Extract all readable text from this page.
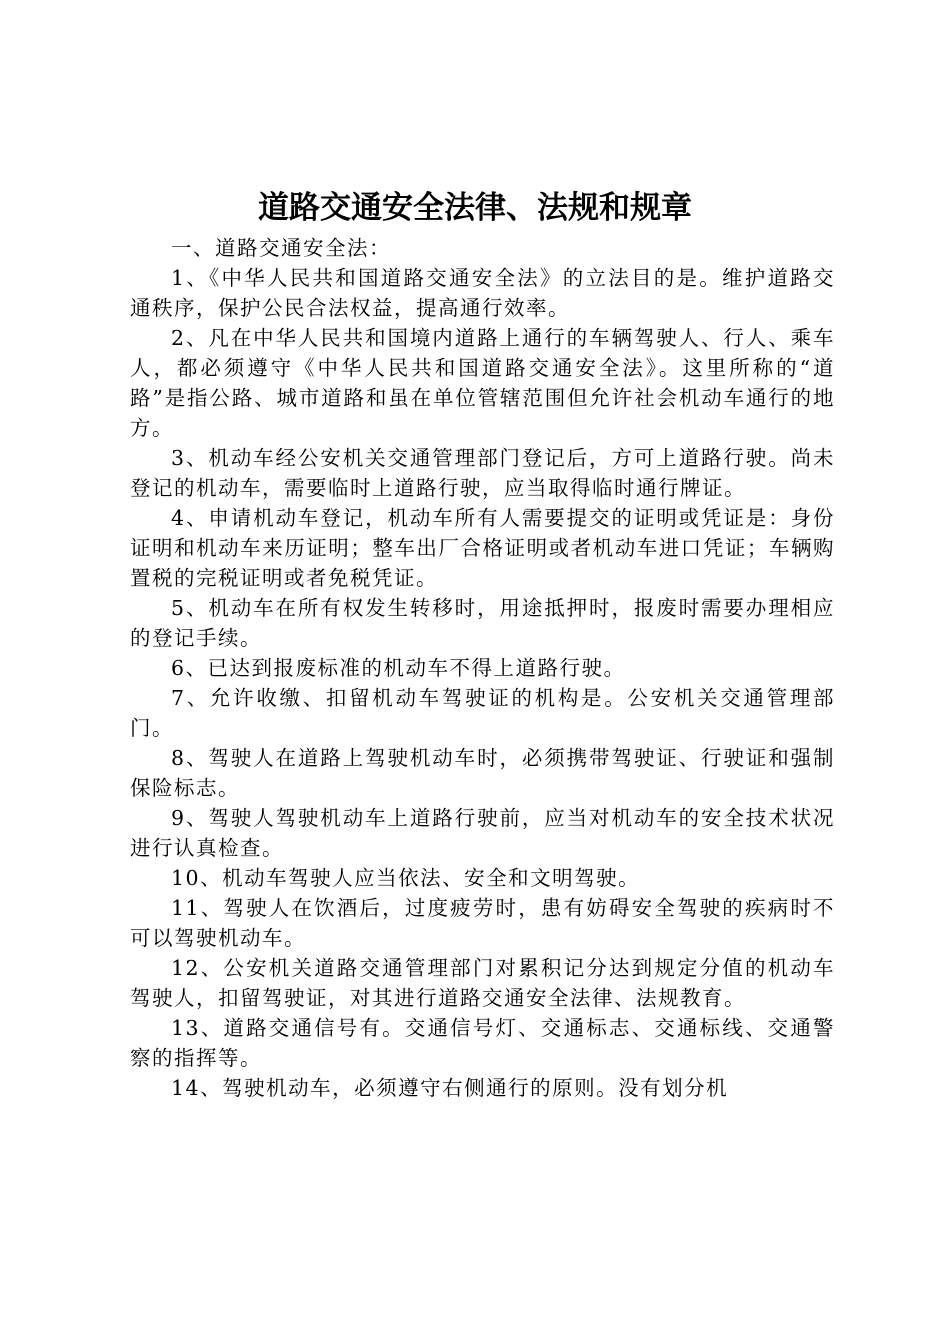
道路交通安全法律、法规和规章

一、道路交通安全法：

1、《中华人民共和国道路交通安全法》的立法目的是。维护道路交通秩序，保护公民合法权益，提高通行效率。

2、凡在中华人民共和国境内道路上通行的车辆驾驶人、行人、乘车人，都必须遵守《中华人民共和国道路交通安全法》。这里所称的“道路”是指公路、城市道路和虽在单位管辖范围但允许社会机动车通行的地方。

3、机动车经公安机关交通管理部门登记后，方可上道路行驶。尚未登记的机动车，需要临时上道路行驶，应当取得临时通行牌证。

4、申请机动车登记，机动车所有人需要提交的证明或凭证是：身份证明和机动车来历证明；整车出厂合格证明或者机动车进口凭证；车辆购置税的完税证明或者免税凭证。

5、机动车在所有权发生转移时，用途抵押时，报废时需要办理相应的登记手续。

6、已达到报废标准的机动车不得上道路行驶。

7、允许收缴、扣留机动车驾驶证的机构是。公安机关交通管理部门。

8、驾驶人在道路上驾驶机动车时，必须携带驾驶证、行驶证和强制保险标志。

9、驾驶人驾驶机动车上道路行驶前，应当对机动车的安全技术状况进行认真检查。

10、机动车驾驶人应当依法、安全和文明驾驶。

11、驾驶人在饮酒后，过度疲劳时，患有妨碍安全驾驶的疾病时不可以驾驶机动车。

12、公安机关道路交通管理部门对累积记分达到规定分值的机动车驾驶人，扣留驾驶证，对其进行道路交通安全法律、法规教育。

13、道路交通信号有。交通信号灯、交通标志、交通标线、交通警察的指挥等。

14、驾驶机动车，必须遵守右侧通行的原则。没有划分机
